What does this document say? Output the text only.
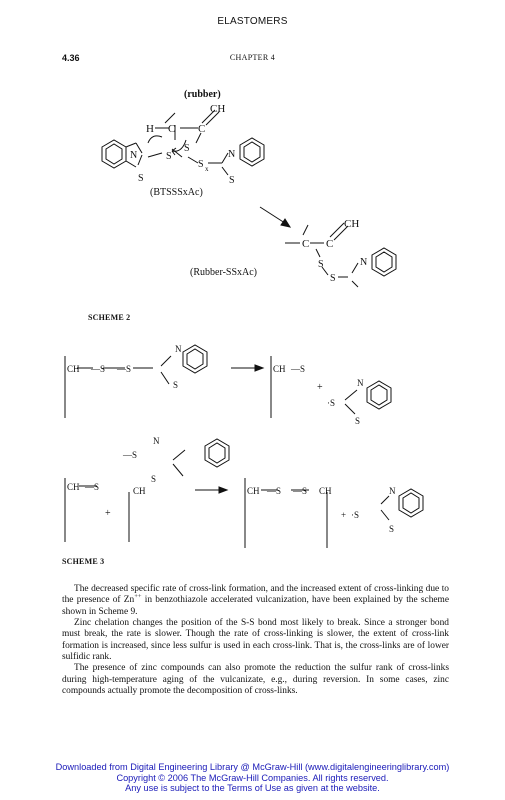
ELASTOMERS
4.36	CHAPTER 4
(rubber)
CH
H C C
N
S
S
S
S x
N
S
(BTSSSxAc)
CH
C C
S
S
N
(Rubber-SSxAc)
SCHEME 2
CH —S —S
N
S
CH —S
+
·S
N
S
—S
N
S
CH —S
+
CH	CH —S —S CH
+ ·S
N
S
SCHEME 3

The decreased specific rate of cross-link formation, and the increased extent of cross-linking due to the presence of Zn++ in benzothiazole accelerated vulcanization, have been explained by the scheme shown in Scheme 9.

Zinc chelation changes the position of the S-S bond most likely to break. Since a stronger bond must break, the rate is slower. Though the rate of cross-linking is slower, the extent of cross-link formation is increased, since less sulfur is used in each cross-link. That is, the cross-links are of lower sulfidic rank.

The presence of zinc compounds can also promote the reduction the sulfur rank of cross-links during high-temperature aging of the vulcanizate, e.g., during reversion. In some cases, zinc compounds actually promote the decomposition of cross-links.

Downloaded from Digital Engineering Library @ McGraw-Hill (www.digitalengineeringlibrary.com)
Copyright © 2006 The McGraw-Hill Companies. All rights reserved.
Any use is subject to the Terms of Use as given at the website.
